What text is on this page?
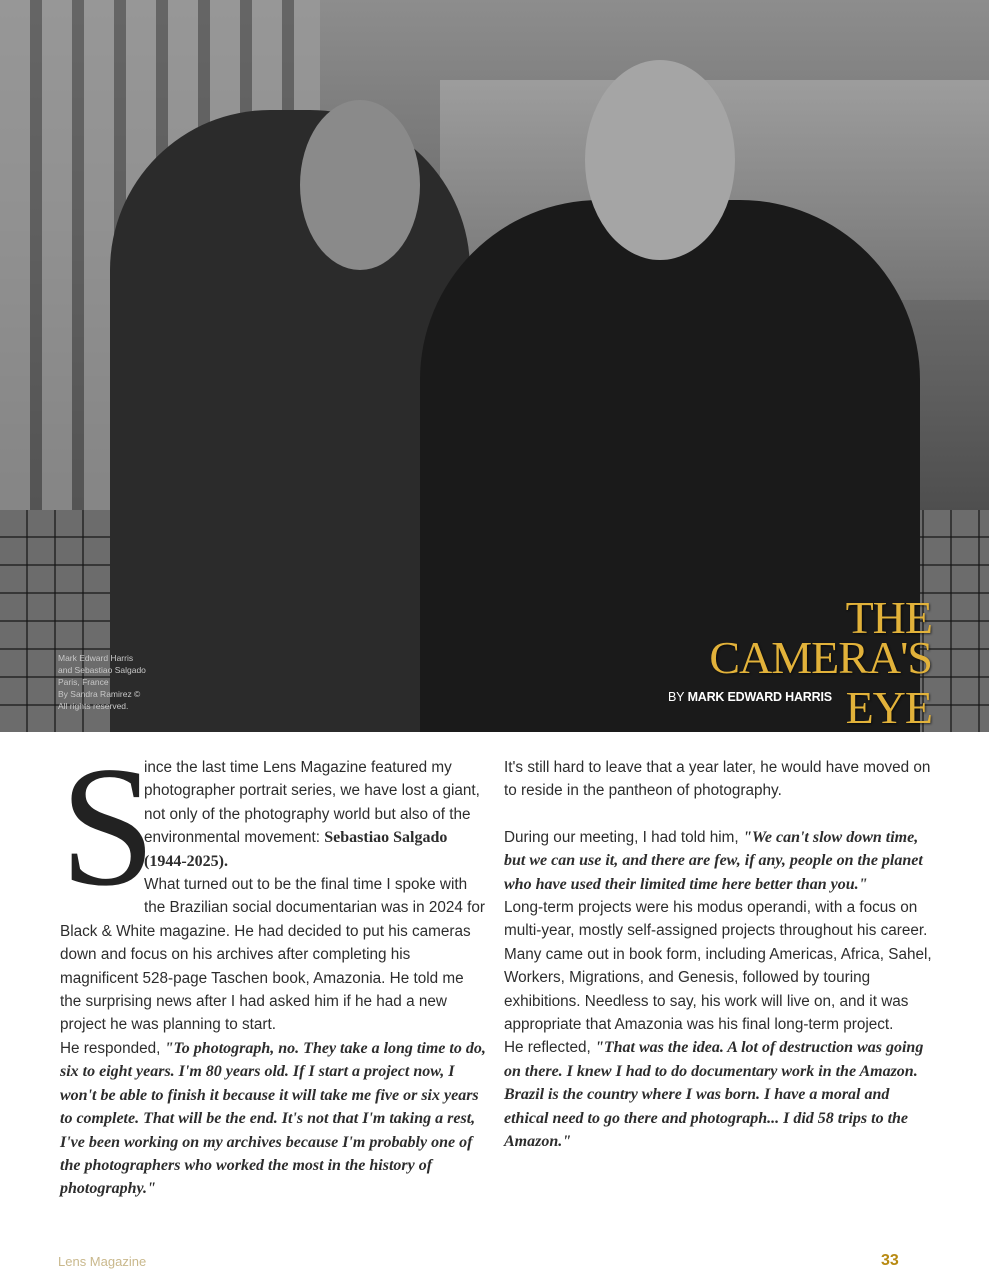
Mark Edward Harris
and Sebastiao Salgado
Paris, France
By Sandra Ramirez ©
All rights reserved.
THE
CAMERA'S
EYE
BY MARK EDWARD HARRIS
S

ince the last time Lens Magazine featured my photographer portrait series, we have lost a giant, not only of the photography world but also of the environmental movement: Sebastiao Salgado (1944-2025).

What turned out to be the final time I spoke with the Brazilian social documentarian was in 2024 for Black & White magazine. He had decided to put his cameras down and focus on his archives after completing his magnificent 528-page Taschen book, Amazonia. He told me the surprising news after I had asked him if he had a new project he was planning to start.

He responded, "To photograph, no. They take a long time to do, six to eight years. I'm 80 years old. If I start a project now, I won't be able to finish it because it will take me five or six years to complete. That will be the end. It's not that I'm taking a rest, I've been working on my archives because I'm probably one of the photographers who worked the most in the history of photography."

It's still hard to leave that a year later, he would have moved on to reside in the pantheon of photography.

During our meeting, I had told him, "We can't slow down time, but we can use it, and there are few, if any, people on the planet who have used their limited time here better than you."

Long-term projects were his modus operandi, with a focus on multi-year, mostly self-assigned projects throughout his career. Many came out in book form, including Americas, Africa, Sahel, Workers, Migrations, and Genesis, followed by touring exhibitions. Needless to say, his work will live on, and it was appropriate that Amazonia was his final long-term project.

He reflected, "That was the idea. A lot of destruction was going on there. I knew I had to do documentary work in the Amazon. Brazil is the country where I was born. I have a moral and ethical need to go there and photograph... I did 58 trips to the Amazon."

Lens Magazine	33
